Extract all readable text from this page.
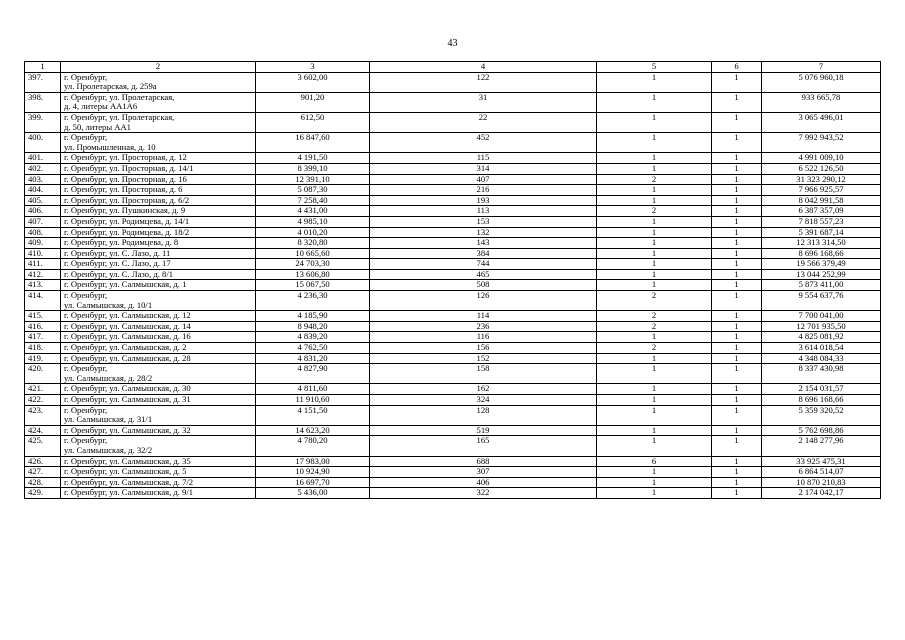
43
1	2	3	4	5	6	7
397.	г. Оренбург,
ул. Пролетарская, д. 259а	3 602,00	122	1	1	5 076 960,18
398.	г. Оренбург, ул. Пролетарская,
д. 4, литеры АА1А6	901,20	31	1	1	933 665,78
399.	г. Оренбург, ул. Пролетарская,
д. 50, литеры АА1	612,50	22	1	1	3 065 496,01
400.	г. Оренбург,
ул. Промышленная, д. 10	16 847,60	452	1	1	7 992 943,52
401.	г. Оренбург, ул. Просторная, д. 12	4 191,50	115	1	1	4 991 009,10
402.	г. Оренбург, ул. Просторная, д. 14/1	8 399,10	314	1	1	6 522 126,50
403.	г. Оренбург, ул. Просторная, д. 16	12 391,10	407	2	1	31 323 290,12
404.	г. Оренбург, ул. Просторная, д. 6	5 087,30	216	1	1	7 966 925,57
405.	г. Оренбург, ул. Просторная, д. 6/2	7 258,40	193	1	1	8 042 991,58
406.	г. Оренбург, ул. Пушкинская, д. 9	4 431,00	113	2	1	6 387 357,09
407.	г. Оренбург, ул. Родимцева, д. 14/1	4 985,10	153	1	1	7 818 557,23
408.	г. Оренбург, ул. Родимцева, д. 18/2	4 010,20	132	1	1	5 391 687,14
409.	г. Оренбург, ул. Родимцева, д. 8	8 320,80	143	1	1	12 313 314,50
410.	г. Оренбург, ул. С. Лазо, д. 11	10 665,60	384	1	1	8 696 168,66
411.	г. Оренбург, ул. С. Лазо, д. 17	24 703,30	744	1	1	19 566 379,49
412.	г. Оренбург, ул. С. Лазо, д. 8/1	13 606,80	465	1	1	13 044 252,99
413.	г. Оренбург, ул. Салмышская, д. 1	15 067,50	508	1	1	5 873 411,00
414.	г. Оренбург,
ул. Салмышская, д. 10/1	4 236,30	126	2	1	9 554 637,76
415.	г. Оренбург, ул. Салмышская, д. 12	4 185,90	114	2	1	7 700 041,00
416.	г. Оренбург, ул. Салмышская, д. 14	8 948,20	236	2	1	12 701 935,50
417.	г. Оренбург, ул. Салмышская, д. 16	4 839,20	116	1	1	4 825 081,92
418.	г. Оренбург, ул. Салмышская, д. 2	4 762,50	156	2	1	3 614 018,54
419.	г. Оренбург, ул. Салмышская, д. 28	4 831,20	152	1	1	4 348 084,33
420.	г. Оренбург,
ул. Салмышская, д. 28/2	4 827,90	158	1	1	8 337 430,98
421.	г. Оренбург, ул. Салмышская, д. 30	4 811,60	162	1	1	2 154 031,57
422.	г. Оренбург, ул. Салмышская, д. 31	11 910,60	324	1	1	8 696 168,66
423.	г. Оренбург,
ул. Салмышская, д. 31/1	4 151,50	128	1	1	5 359 320,52
424.	г. Оренбург, ул. Салмышская, д. 32	14 623,20	519	1	1	5 762 698,86
425.	г. Оренбург,
ул. Салмышская, д. 32/2	4 780,20	165	1	1	2 148 277,96
426.	г. Оренбург, ул. Салмышская, д. 35	17 983,00	688	6	1	33 925 475,31
427.	г. Оренбург, ул. Салмышская, д. 5	10 924,90	307	1	1	6 864 514,07
428.	г. Оренбург, ул. Салмышская, д. 7/2	16 697,70	406	1	1	10 870 210,83
429.	г. Оренбург, ул. Салмышская, д. 9/1	5 436,00	322	1	1	2 174 042,17
